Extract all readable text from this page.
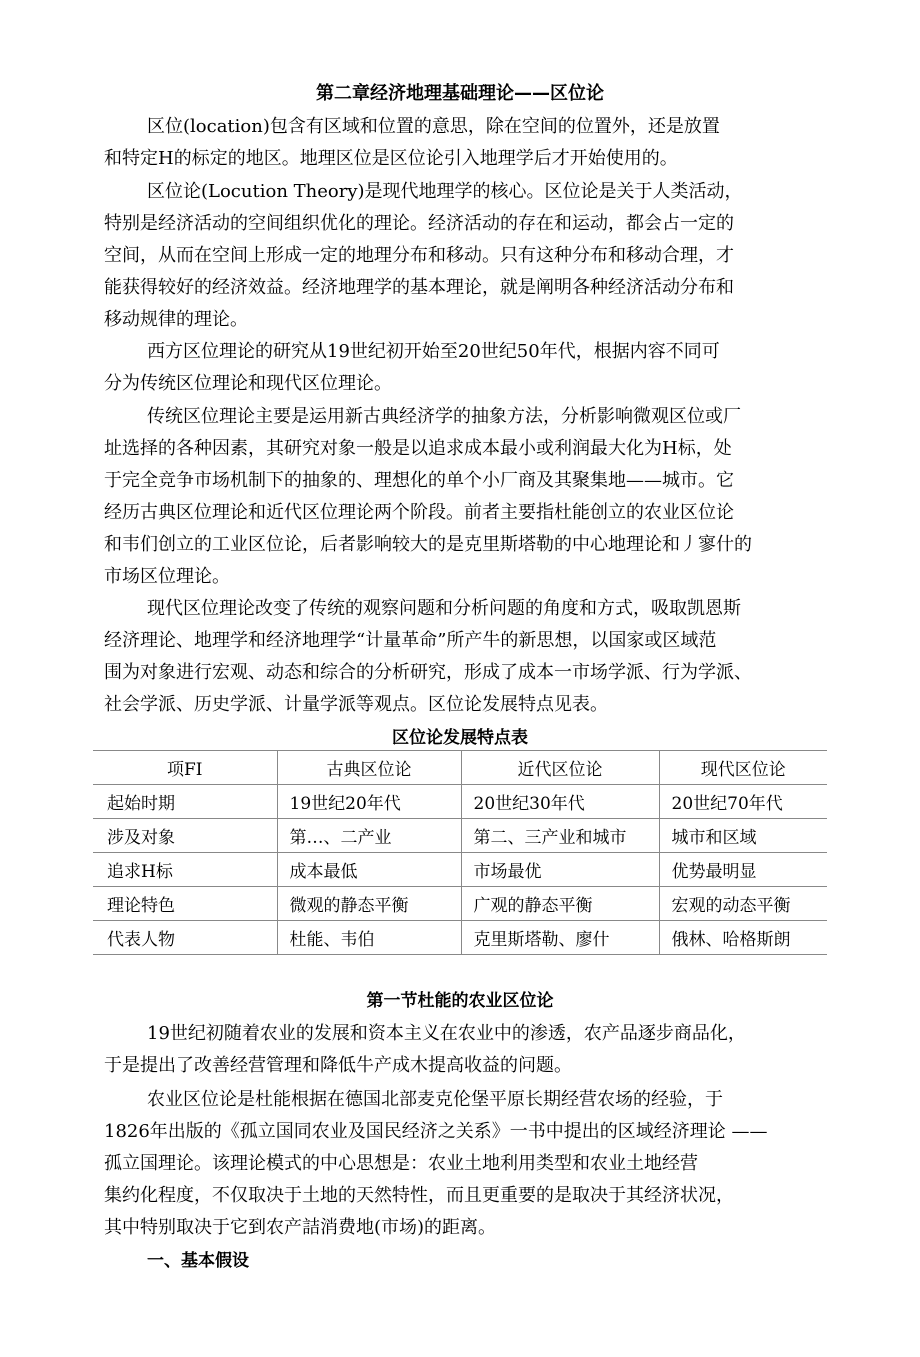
第二章经济地理基础理论——区位论
区位(location)包含有区域和位置的意思，除在空间的位置外，还是放置
和特定H的标定的地区。地理区位是区位论引入地理学后才开始使用的。
区位论(Locution Theory)是现代地理学的核心。区位论是关于人类活动，
特别是经济活动的空间组织优化的理论。经济活动的存在和运动，都会占一定的
空间，从而在空间上形成一定的地理分布和移动。只有这种分布和移动合理，才
能获得较好的经济效益。经济地理学的基本理论，就是阐明各种经济活动分布和
移动规律的理论。
西方区位理论的研究从19世纪初开始至20世纪50年代，根据内容不同可
分为传统区位理论和现代区位理论。
传统区位理论主要是运用新古典经济学的抽象方法，分析影响微观区位或厂
址选择的各种因素，其研究对象一般是以追求成本最小或利润最大化为H标，处
于完全竞争市场机制下的抽象的、理想化的单个小厂商及其聚集地——城市。它
经历古典区位理论和近代区位理论两个阶段。前者主要指杜能创立的农业区位论
和韦们创立的工业区位论，后者影响较大的是克里斯塔勒的中心地理论和丿寥什的
市场区位理论。
现代区位理论改变了传统的观察问题和分析问题的角度和方式，吸取凯恩斯
经济理论、地理学和经济地理学“计量革命”所产牛的新思想，以国家或区域范
围为对象进行宏观、动态和综合的分析研究，形成了成本一市场学派、行为学派、
社会学派、历史学派、计量学派等观点。区位论发展特点见表。
区位论发展特点表
项FI	古典区位论	近代区位论	现代区位论
起始时期	19世纪20年代	20世纪30年代	20世纪70年代
涉及对象	第…、二产业	第二、三产业和城市	城市和区域
追求H标	成本最低	市场最优	优势最明显
理论特色	微观的静态平衡	广观的静态平衡	宏观的动态平衡
代表人物	杜能、韦伯	克里斯塔勒、廖什	俄林、哈格斯朗
第一节杜能的农业区位论
19世纪初随着农业的发展和资本主义在农业中的渗透，农产品逐步商品化，
于是提出了改善经营管理和降低牛产成木提高收益的问题。
农业区位论是杜能根据在德国北部麦克伦堡平原长期经营农场的经验，于
1826年出版的《孤立国同农业及国民经济之关系》一书中提出的区域经济理论 ——
孤立国理论。该理论模式的中心思想是：农业土地利用类型和农业土地经营
集约化程度，不仅取决于土地的天然特性，而且更重要的是取决于其经济状况，
其中特别取决于它到农产詰消费地(市场)的距离。
一、基本假设
